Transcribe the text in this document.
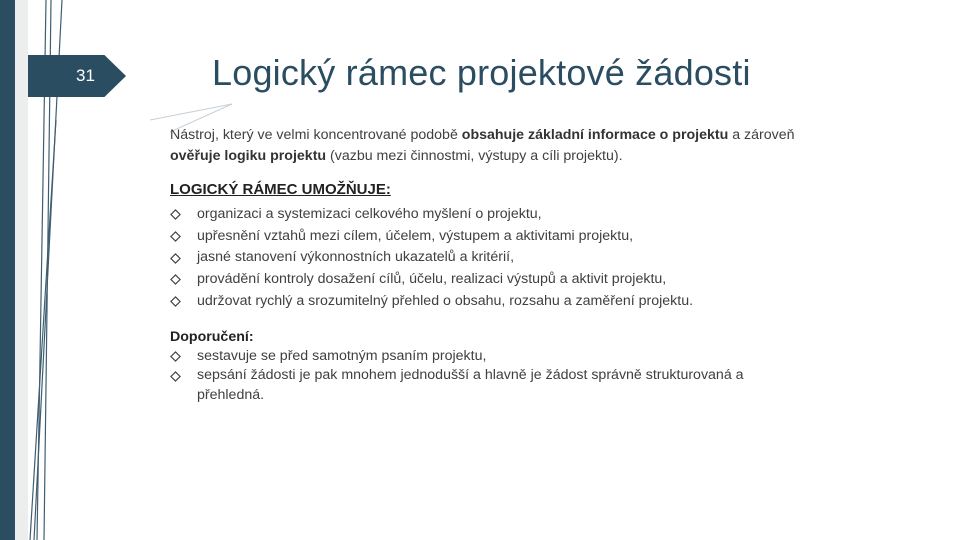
31	Logický rámec projektové žádosti

Nástroj, který ve velmi koncentrované podobě obsahuje základní informace o projektu a zároveň ověřuje logiku projektu (vazbu mezi činnostmi, výstupy a cíli projektu).

LOGICKÝ RÁMEC UMOŽŇUJE:
organizaci a systemizaci celkového myšlení o projektu,
upřesnění vztahů mezi cílem, účelem, výstupem a aktivitami projektu,
jasné stanovení výkonnostních ukazatelů a kritérií,
provádění kontroly dosažení cílů, účelu, realizaci výstupů a aktivit projektu,
udržovat rychlý a srozumitelný přehled o obsahu, rozsahu a zaměření projektu.
Doporučení:
sestavuje se před samotným psaním projektu,
sepsání žádosti je pak mnohem jednodušší a hlavně je žádost správně strukturovaná a přehledná.
